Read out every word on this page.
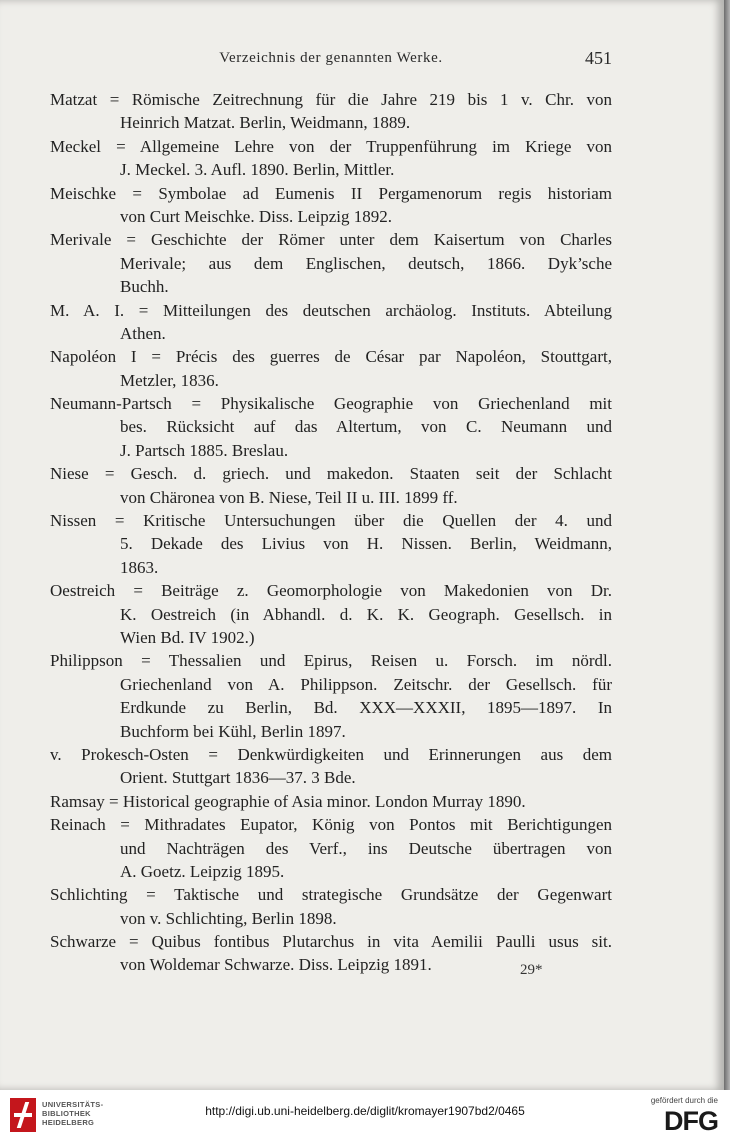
Verzeichnis der genannten Werke.	451
Matzat = Römische Zeitrechnung für die Jahre 219 bis 1 v. Chr. von
Heinrich Matzat. Berlin, Weidmann, 1889.
Meckel = Allgemeine Lehre von der Truppenführung im Kriege von
J. Meckel. 3. Aufl. 1890. Berlin, Mittler.
Meischke = Symbolae ad Eumenis II Pergamenorum regis historiam
von Curt Meischke. Diss. Leipzig 1892.
Merivale = Geschichte der Römer unter dem Kaisertum von Charles
Merivale; aus dem Englischen, deutsch, 1866. Dyk’sche
Buchh.
M. A. I. = Mitteilungen des deutschen archäolog. Instituts. Abteilung
Athen.
Napoléon I = Précis des guerres de César par Napoléon, Stouttgart,
Metzler, 1836.
Neumann-Partsch = Physikalische Geographie von Griechenland mit
bes. Rücksicht auf das Altertum, von C. Neumann und
J. Partsch 1885. Breslau.
Niese = Gesch. d. griech. und makedon. Staaten seit der Schlacht
von Chäronea von B. Niese, Teil II u. III. 1899 ff.
Nissen = Kritische Untersuchungen über die Quellen der 4. und
5. Dekade des Livius von H. Nissen. Berlin, Weidmann,
1863.
Oestreich = Beiträge z. Geomorphologie von Makedonien von Dr.
K. Oestreich (in Abhandl. d. K. K. Geograph. Gesellsch. in
Wien Bd. IV 1902.)
Philippson = Thessalien und Epirus, Reisen u. Forsch. im nördl.
Griechenland von A. Philippson. Zeitschr. der Gesellsch. für
Erdkunde zu Berlin, Bd. XXX—XXXII, 1895—1897. In
Buchform bei Kühl, Berlin 1897.
v. Prokesch-Osten = Denkwürdigkeiten und Erinnerungen aus dem
Orient. Stuttgart 1836—37. 3 Bde.
Ramsay = Historical geographie of Asia minor. London Murray 1890.
Reinach = Mithradates Eupator, König von Pontos mit Berichtigungen
und Nachträgen des Verf., ins Deutsche übertragen von
A. Goetz. Leipzig 1895.
Schlichting = Taktische und strategische Grundsätze der Gegenwart
von v. Schlichting, Berlin 1898.
Schwarze = Quibus fontibus Plutarchus in vita Aemilii Paulli usus sit.
von Woldemar Schwarze. Diss. Leipzig 1891.	29*
UNIVERSITÄTS-
BIBLIOTHEK
HEIDELBERG
http://digi.ub.uni-heidelberg.de/diglit/kromayer1907bd2/0465
gefördert durch die
DFG
